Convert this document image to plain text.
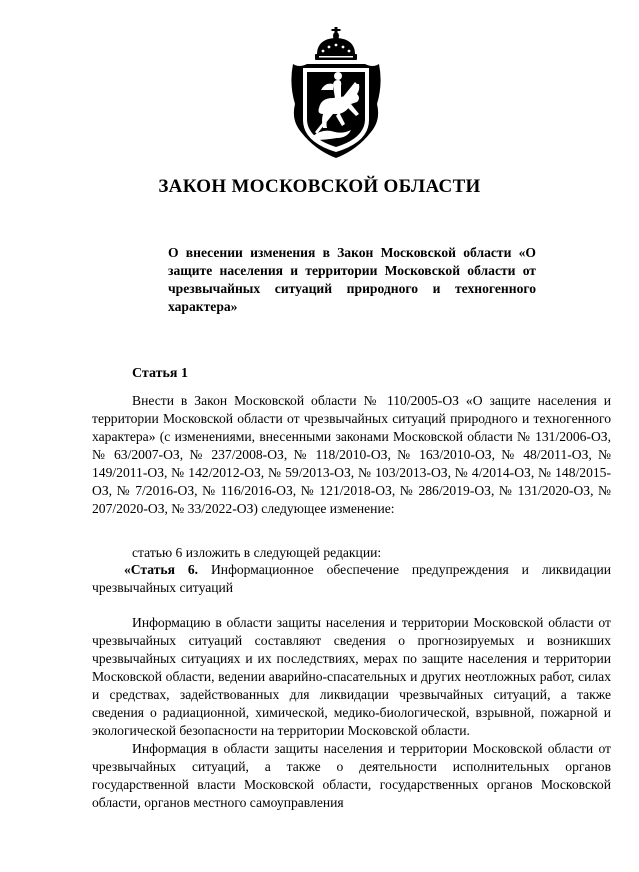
ЗАКОН МОСКОВСКОЙ ОБЛАСТИ

О внесении изменения в Закон Московской области «О защите населения и территории Московской области от чрезвычайных ситуаций природного и техногенного характера»

Статья 1

Внести в Закон Московской области № 110/2005-ОЗ «О защите населения и территории Московской области от чрезвычайных ситуаций природного и техногенного характера» (с изменениями, внесенными законами Московской области № 131/2006-ОЗ, № 63/2007-ОЗ, № 237/2008-ОЗ, № 118/2010-ОЗ, № 163/2010-ОЗ, № 48/2011-ОЗ, № 149/2011-ОЗ, № 142/2012-ОЗ, № 59/2013-ОЗ, № 103/2013-ОЗ, № 4/2014-ОЗ, № 148/2015-ОЗ, № 7/2016-ОЗ, № 116/2016-ОЗ, № 121/2018-ОЗ, № 286/2019-ОЗ, № 131/2020-ОЗ, № 207/2020-ОЗ, № 33/2022-ОЗ) следующее изменение:

статью 6 изложить в следующей редакции:

«Статья 6. Информационное обеспечение предупреждения и ликвидации чрезвычайных ситуаций

Информацию в области защиты населения и территории Московской области от чрезвычайных ситуаций составляют сведения о прогнозируемых и возникших чрезвычайных ситуациях и их последствиях, мерах по защите населения и территории Московской области, ведении аварийно-спасательных и других неотложных работ, силах и средствах, задействованных для ликвидации чрезвычайных ситуаций, а также сведения о радиационной, химической, медико-биологической, взрывной, пожарной и экологической безопасности на территории Московской области.

Информация в области защиты населения и территории Московской области от чрезвычайных ситуаций, а также о деятельности исполнительных органов государственной власти Московской области, государственных органов Московской области, органов местного самоуправления
